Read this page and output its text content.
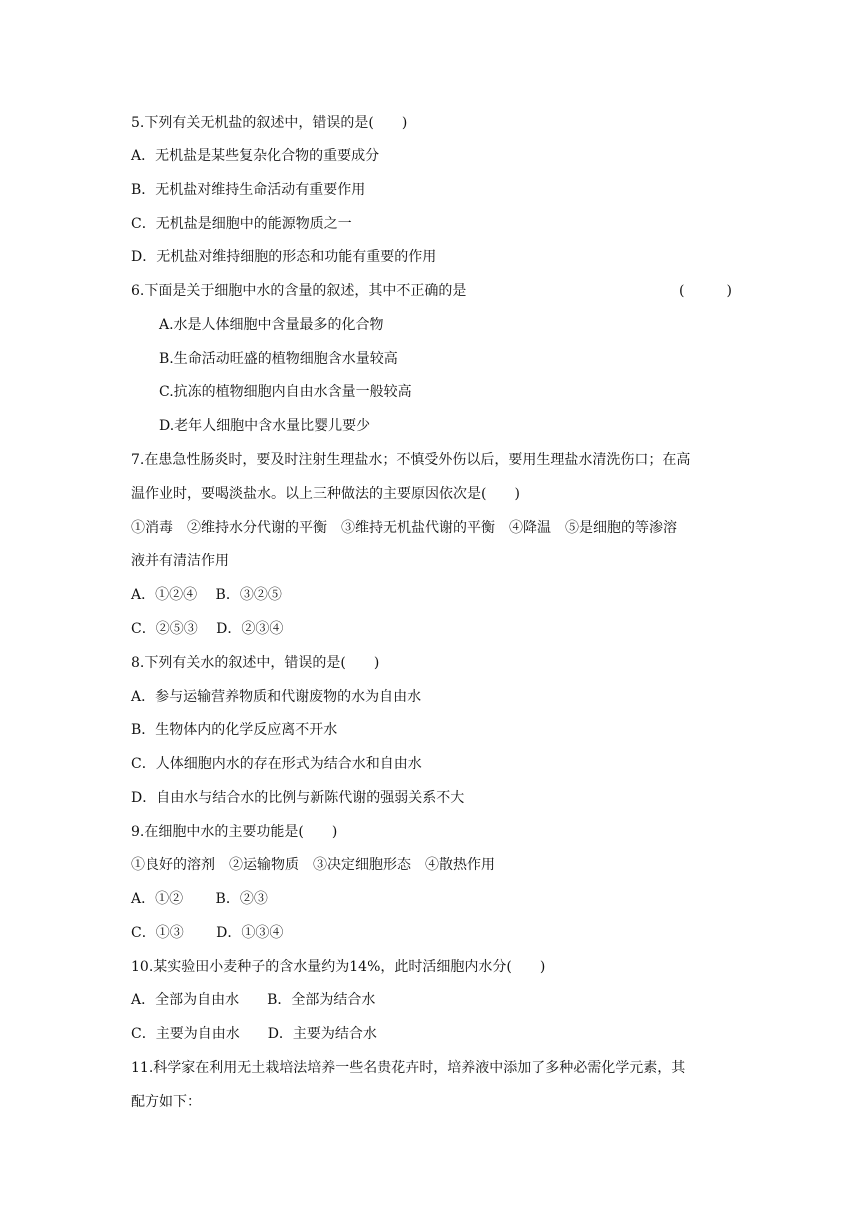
5.下列有关无机盐的叙述中，错误的是(　　)
A．无机盐是某些复杂化合物的重要成分
B．无机盐对维持生命活动有重要作用
C．无机盐是细胞中的能源物质之一
D．无机盐对维持细胞的形态和功能有重要的作用
6.下面是关于细胞中水的含量的叙述，其中不正确的是	(　　　)
A.水是人体细胞中含量最多的化合物
B.生命活动旺盛的植物细胞含水量较高
C.抗冻的植物细胞内自由水含量一般较高
D.老年人细胞中含水量比婴儿要少
7.在患急性肠炎时，要及时注射生理盐水；不慎受外伤以后，要用生理盐水清洗伤口；在高
温作业时，要喝淡盐水。以上三种做法的主要原因依次是(　　)
①消毒　②维持水分代谢的平衡　③维持无机盐代谢的平衡　④降温　⑤是细胞的等渗溶
液并有清洁作用
A．①②④　 B．③②⑤
C．②⑤③　 D．②③④
8.下列有关水的叙述中，错误的是(　　)
A．参与运输营养物质和代谢废物的水为自由水
B．生物体内的化学反应离不开水
C．人体细胞内水的存在形式为结合水和自由水
D．自由水与结合水的比例与新陈代谢的强弱关系不大
9.在细胞中水的主要功能是(　　)
①良好的溶剂　②运输物质　③决定细胞形态　④散热作用
A．①②　　 B．②③
C．①③　　 D．①③④
10.某实验田小麦种子的含水量约为14%，此时活细胞内水分(　　)
A．全部为自由水　　B．全部为结合水
C．主要为自由水　　D．主要为结合水
11.科学家在利用无土栽培法培养一些名贵花卉时，培养液中添加了多种必需化学元素，其
配方如下：
